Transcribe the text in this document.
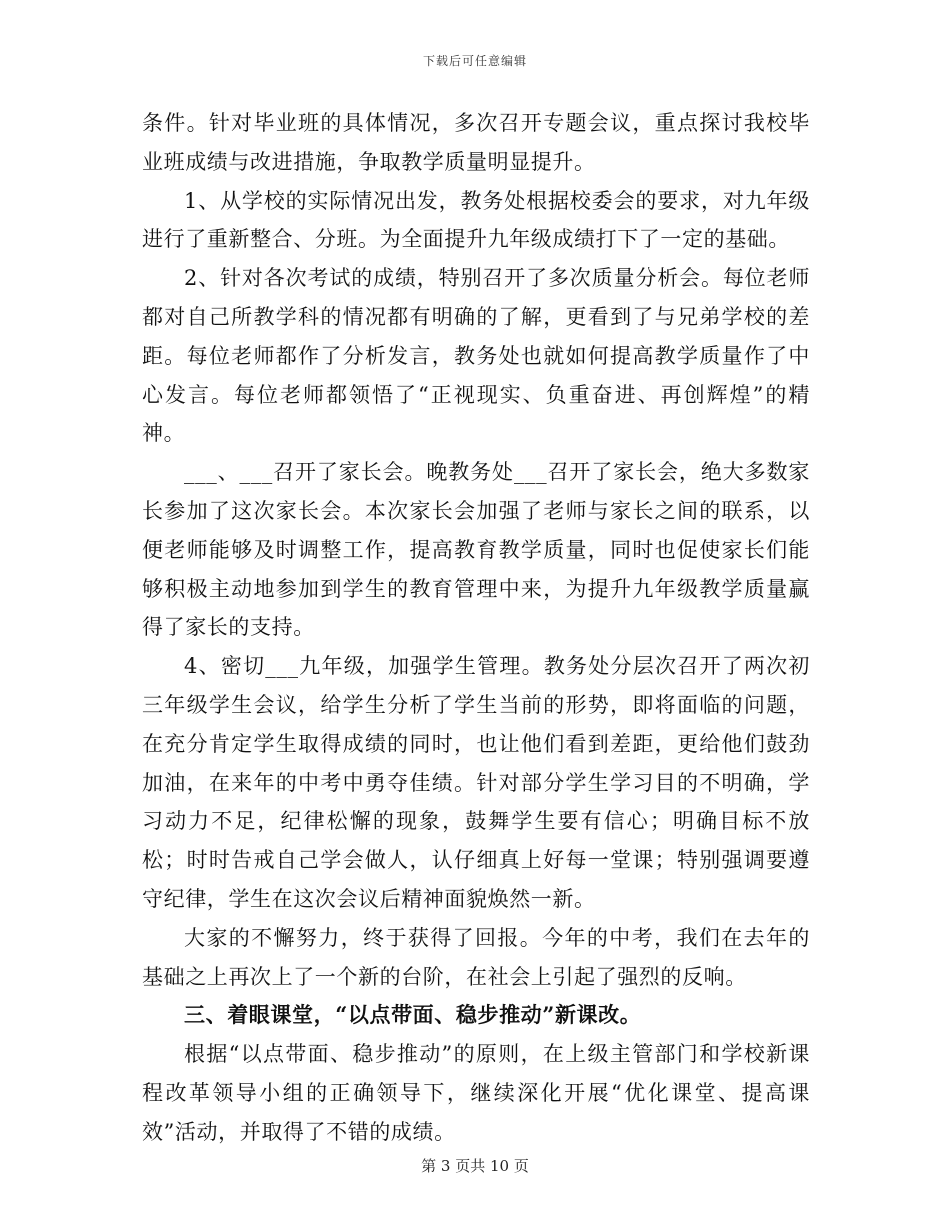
下载后可任意编辑

条件。针对毕业班的具体情况，多次召开专题会议，重点探讨我校毕业班成绩与改进措施，争取教学质量明显提升。

1、从学校的实际情况出发，教务处根据校委会的要求，对九年级进行了重新整合、分班。为全面提升九年级成绩打下了一定的基础。

2、针对各次考试的成绩，特别召开了多次质量分析会。每位老师都对自己所教学科的情况都有明确的了解，更看到了与兄弟学校的差距。每位老师都作了分析发言，教务处也就如何提高教学质量作了中心发言。每位老师都领悟了“正视现实、负重奋进、再创辉煌”的精神。

___、___召开了家长会。晚教务处___召开了家长会，绝大多数家长参加了这次家长会。本次家长会加强了老师与家长之间的联系，以便老师能够及时调整工作，提高教育教学质量，同时也促使家长们能够积极主动地参加到学生的教育管理中来，为提升九年级教学质量赢得了家长的支持。

4、密切___九年级，加强学生管理。教务处分层次召开了两次初三年级学生会议，给学生分析了学生当前的形势，即将面临的问题，在充分肯定学生取得成绩的同时，也让他们看到差距，更给他们鼓劲加油，在来年的中考中勇夺佳绩。针对部分学生学习目的不明确，学习动力不足，纪律松懈的现象，鼓舞学生要有信心；明确目标不放松；时时告戒自己学会做人，认仔细真上好每一堂课；特别强调要遵守纪律，学生在这次会议后精神面貌焕然一新。

大家的不懈努力，终于获得了回报。今年的中考，我们在去年的基础之上再次上了一个新的台阶，在社会上引起了强烈的反响。

三、着眼课堂，“以点带面、稳步推动”新课改。

根据“以点带面、稳步推动”的原则，在上级主管部门和学校新课程改革领导小组的正确领导下，继续深化开展“优化课堂、提高课效”活动，并取得了不错的成绩。

第 3 页共 10 页
